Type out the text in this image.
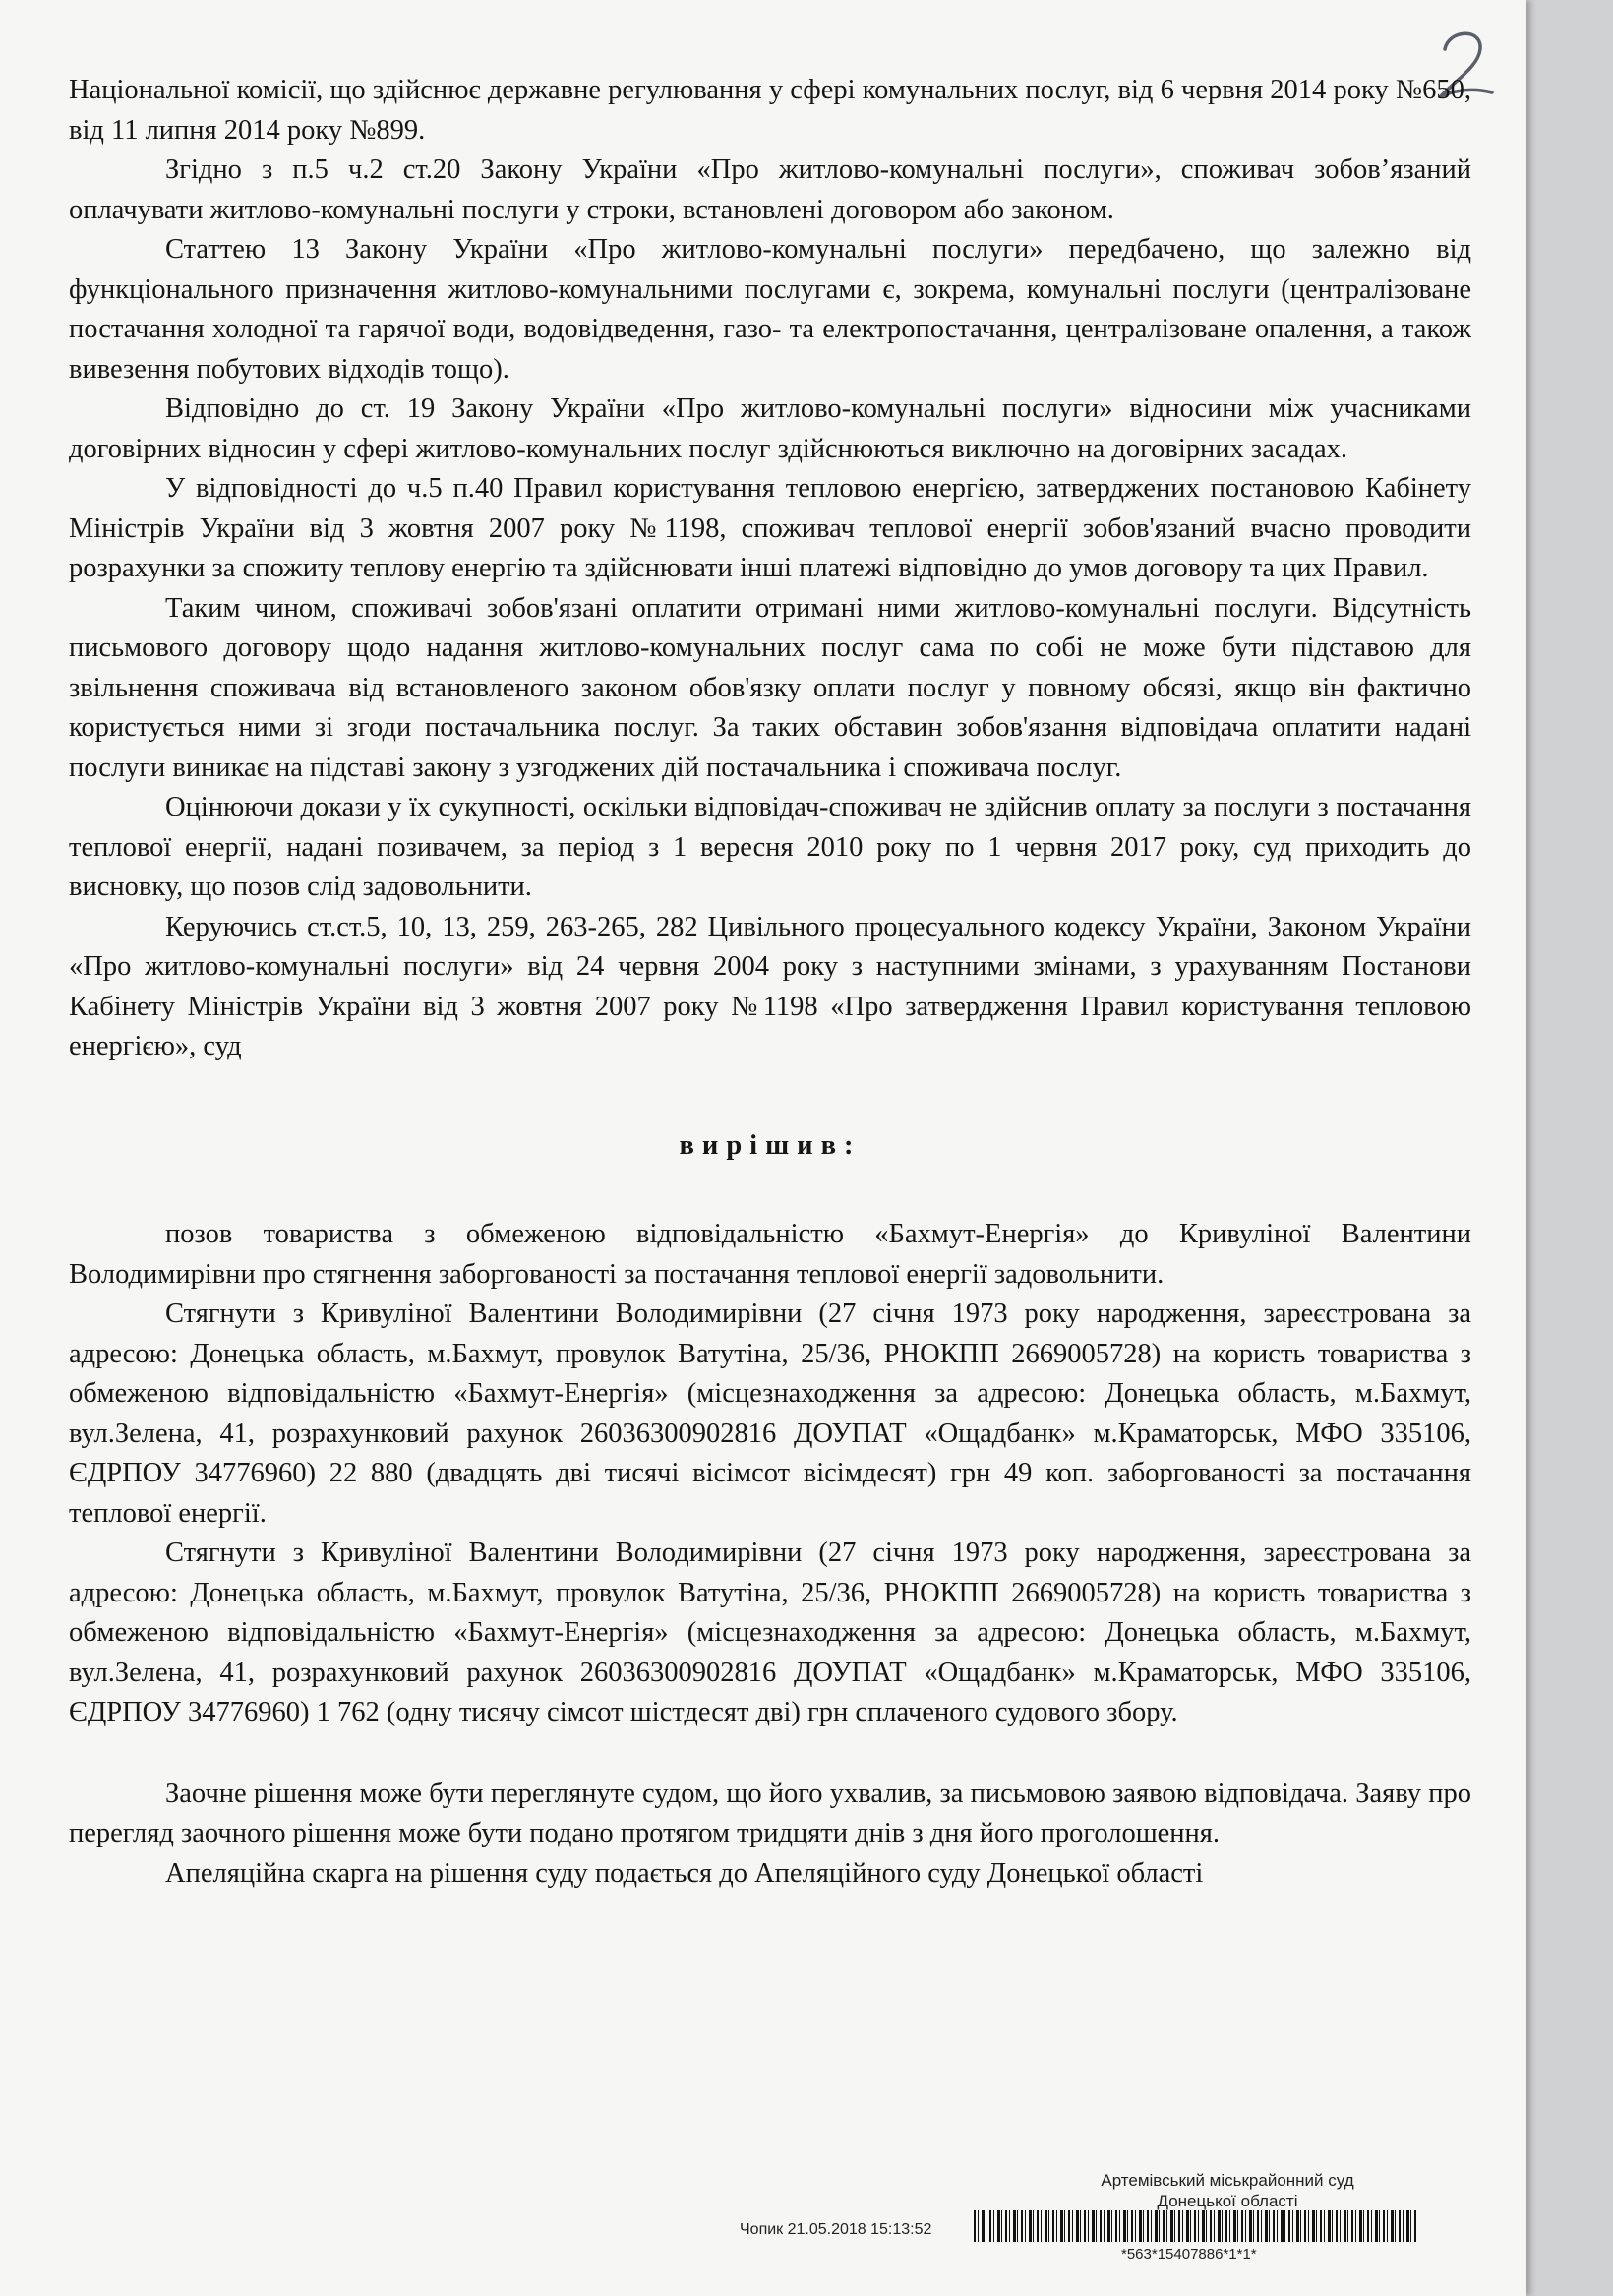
Національної комісії, що здійснює державне регулювання у сфері комунальних послуг, від 6 червня 2014 року №650, від 11 липня 2014 року №899.

Згідно з п.5 ч.2 ст.20 Закону України «Про житлово-комунальні послуги», споживач зобов’язаний оплачувати житлово-комунальні послуги у строки, встановлені договором або законом.

Статтею 13 Закону України «Про житлово-комунальні послуги» передбачено, що залежно від функціонального призначення житлово-комунальними послугами є, зокрема, комунальні послуги (централізоване постачання холодної та гарячої води, водовідведення, газо- та електропостачання, централізоване опалення, а також вивезення побутових відходів тощо).

Відповідно до ст. 19 Закону України «Про житлово-комунальні послуги» відносини між учасниками договірних відносин у сфері житлово-комунальних послуг здійснюються виключно на договірних засадах.

У відповідності до ч.5 п.40 Правил користування тепловою енергією, затверджених постановою Кабінету Міністрів України від 3 жовтня 2007 року №1198, споживач теплової енергії зобов'язаний вчасно проводити розрахунки за спожиту теплову енергію та здійснювати інші платежі відповідно до умов договору та цих Правил.

Таким чином, споживачі зобов'язані оплатити отримані ними житлово-комунальні послуги. Відсутність письмового договору щодо надання житлово-комунальних послуг сама по собі не може бути підставою для звільнення споживача від встановленого законом обов'язку оплати послуг у повному обсязі, якщо він фактично користується ними зі згоди постачальника послуг. За таких обставин зобов'язання відповідача оплатити надані послуги виникає на підставі закону з узгоджених дій постачальника і споживача послуг.

Оцінюючи докази у їх сукупності, оскільки відповідач-споживач не здійснив оплату за послуги з постачання теплової енергії, надані позивачем, за період з 1 вересня 2010 року по 1 червня 2017 року, суд приходить до висновку, що позов слід задовольнити.

Керуючись ст.ст.5, 10, 13, 259, 263-265, 282 Цивільного процесуального кодексу України, Законом України «Про житлово-комунальні послуги» від 24 червня 2004 року з наступними змінами, з урахуванням Постанови Кабінету Міністрів України від 3 жовтня 2007 року №1198 «Про затвердження Правил користування тепловою енергією», суд

вирішив:

позов товариства з обмеженою відповідальністю «Бахмут-Енергія» до Кривуліної Валентини Володимирівни про стягнення заборгованості за постачання теплової енергії задовольнити.

Стягнути з Кривуліної Валентини Володимирівни (27 січня 1973 року народження, зареєстрована за адресою: Донецька область, м.Бахмут, провулок Ватутіна, 25/36, РНОКПП 2669005728) на користь товариства з обмеженою відповідальністю «Бахмут-Енергія» (місцезнаходження за адресою: Донецька область, м.Бахмут, вул.Зелена, 41, розрахунковий рахунок 26036300902816 ДОУПАТ «Ощадбанк» м.Краматорськ, МФО 335106, ЄДРПОУ 34776960) 22 880 (двадцять дві тисячі вісімсот вісімдесят) грн 49 коп. заборгованості за постачання теплової енергії.

Стягнути з Кривуліної Валентини Володимирівни (27 січня 1973 року народження, зареєстрована за адресою: Донецька область, м.Бахмут, провулок Ватутіна, 25/36, РНОКПП 2669005728) на користь товариства з обмеженою відповідальністю «Бахмут-Енергія» (місцезнаходження за адресою: Донецька область, м.Бахмут, вул.Зелена, 41, розрахунковий рахунок 26036300902816 ДОУПАТ «Ощадбанк» м.Краматорськ, МФО 335106, ЄДРПОУ 34776960) 1 762 (одну тисячу сімсот шістдесят дві) грн сплаченого судового збору.

Заочне рішення може бути переглянуте судом, що його ухвалив, за письмовою заявою відповідача. Заяву про перегляд заочного рішення може бути подано протягом тридцяти днів з дня його проголошення.

Апеляційна скарга на рішення суду подається до Апеляційного суду Донецької області

Артемівський міськрайонний суд
Донецької області
Чопик 21.05.2018 15:13:52
*563*15407886*1*1*
